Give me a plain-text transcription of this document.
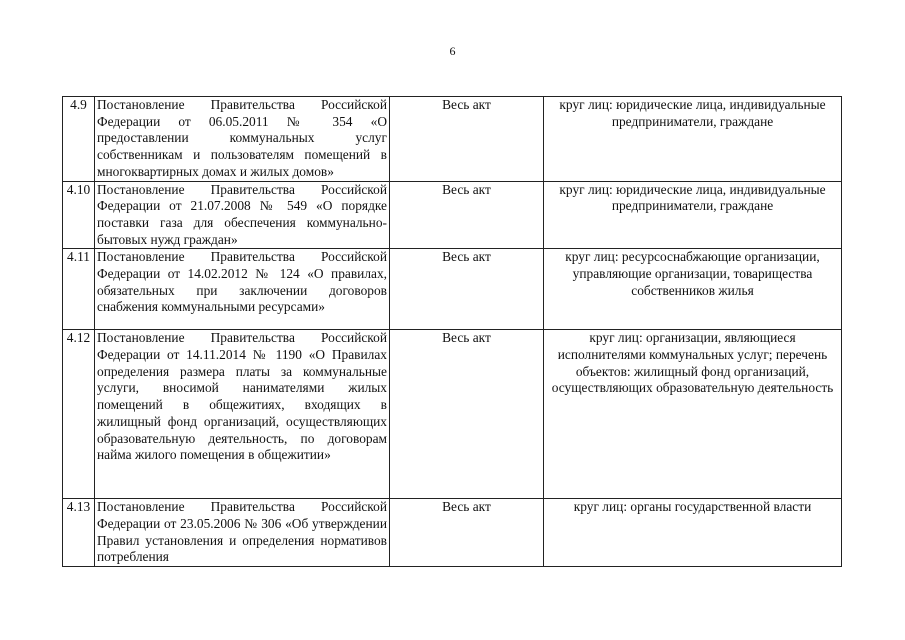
6
4.9	Постановление Правительства Российской Федерации от 06.05.2011 № 354 «О предоставлении коммунальных услуг собственникам и пользователям помещений в многоквартирных домах и жилых домов»	Весь акт	круг лиц: юридические лица, индивидуальные предприниматели, граждане
4.10	Постановление Правительства Российской Федерации от 21.07.2008 № 549 «О порядке поставки газа для обеспечения коммунально-бытовых нужд граждан»	Весь акт	круг лиц: юридические лица, индивидуальные предприниматели, граждане
4.11	Постановление Правительства Российской Федерации от 14.02.2012 № 124 «О правилах, обязательных при заключении договоров снабжения коммунальными ресурсами»	Весь акт	круг лиц: ресурсоснабжающие организации, управляющие организации, товарищества собственников жилья
4.12	Постановление Правительства Российской Федерации от 14.11.2014 № 1190 «О Правилах определения размера платы за коммунальные услуги, вносимой нанимателями жилых помещений в общежитиях, входящих в жилищный фонд организаций, осуществляющих образовательную деятельность, по договорам найма жилого помещения в общежитии»	Весь акт	круг лиц: организации, являющиеся исполнителями коммунальных услуг; перечень объектов: жилищный фонд организаций, осуществляющих образовательную деятельность
4.13	Постановление Правительства Российской Федерации от 23.05.2006 № 306 «Об утверждении Правил установления и определения нормативов потребления	Весь акт	круг лиц: органы государственной власти
